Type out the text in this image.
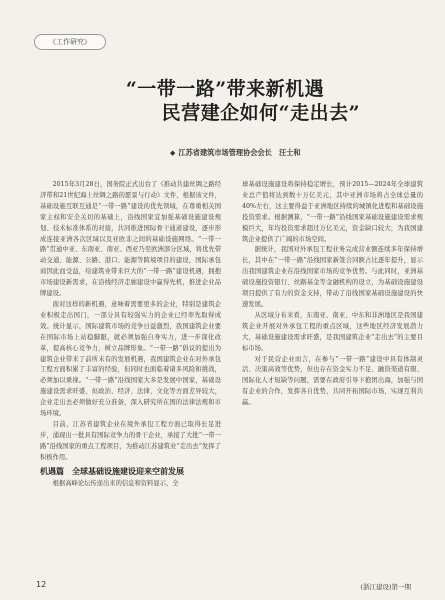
《工作研究》
“一带一路”带来新机遇
民营建企如何“走出去”
◆ 江苏省建筑市场管理协会会长　汪士和

2015年3月28日，国务院正式出台了《推动共建丝绸之路经济带和21世纪海上丝绸之路的愿景与行动》文件，根据该文件，基础设施互联互通是“一带一路”建设的优先领域，在尊重相关国家主权和安全关切的基础上，沿线国家宜加强基础设施建设规划、技术标准体系的对接，共同推进国际骨干通道建设，逐步形成连接亚洲各次区域以及亚欧非之间的基础设施网络。“一带一路”贯通中亚、东南亚、南亚、西亚乃至欧洲部分区域，将优先带动交通、能源、公路、港口、能源等跨境项目的建设，国际承包商因此而受益，给建筑业带来巨大的“一带一路”建设机遇，拥抱市场建设新需求，在沿线经济走廊建设中赢得先机，推进企业品牌建设。

面对这样的新机遇，意味着需要更多的企业，特别是建筑企业积极走出国门，一部分具有较强实力的企业已经率先取得成效。统计显示，国际建筑市场的竞争日益激烈，我国建筑企业要在国际市场上站稳脚跟，就必须加强自身实力，进一步深化改革，提高核心竞争力，树立品牌形象。“一带一路”倡议的提出为建筑企业带来了前所未有的发展机遇，我国建筑企业在对外承包工程方面积累了丰富的经验，但同时也面临着诸多风险和挑战，必须加以重视。“一带一路”沿线国家大多是发展中国家，基础设施建设需求旺盛，但政治、经济、法律、文化等方面差异较大，企业走出去必须做好充分准备，深入研究所在国的法律法规和市场环境。

目前，江苏省建筑企业在境外承包工程方面已取得长足进步，涌现出一批具有国际竞争力的骨干企业，承接了大批“一带一路”沿线国家的重点工程项目，为推动江苏建筑业“走出去”发挥了积极作用。

机遇篇　全球基础设施建设迎来空前发展

根据高峰论坛传递出来的信息和资料显示，全

球基础设施建设将保持稳定增长，预计2015—2024年全球建筑业总产值将达到数十万亿美元，其中亚洲市场将占全球总量的40%左右，这主要得益于亚洲地区持续的城镇化进程和基础设施投资需求。根据测算，“一带一路”沿线国家基础设施建设需求规模巨大，年均投资需求超过万亿美元，资金缺口较大，为我国建筑企业提供了广阔的市场空间。

据统计，我国对外承包工程业务完成营业额连续多年保持增长，其中在“一带一路”沿线国家新签合同额占比逐年提升，显示出我国建筑企业在沿线国家市场的竞争优势。与此同时，亚洲基础设施投资银行、丝路基金等金融机构的设立，为基础设施建设项目提供了有力的资金支持，带动了沿线国家基础设施建设的快速发展。

从区域分布来看，东南亚、南亚、中东和非洲地区是我国建筑企业开展对外承包工程的重点区域，这些地区经济发展潜力大，基础设施建设需求旺盛，是我国建筑企业“走出去”的主要目标市场。

对于民营企业而言，在参与“一带一路”建设中具有体制灵活、决策高效等优势，但也存在资金实力不足、融资渠道有限、国际化人才短缺等问题，需要在政府引导下抱团出海，加强与国有企业的合作，发挥各自优势，共同开拓国际市场，实现互利共赢。

12	(浙江建设)第一期
